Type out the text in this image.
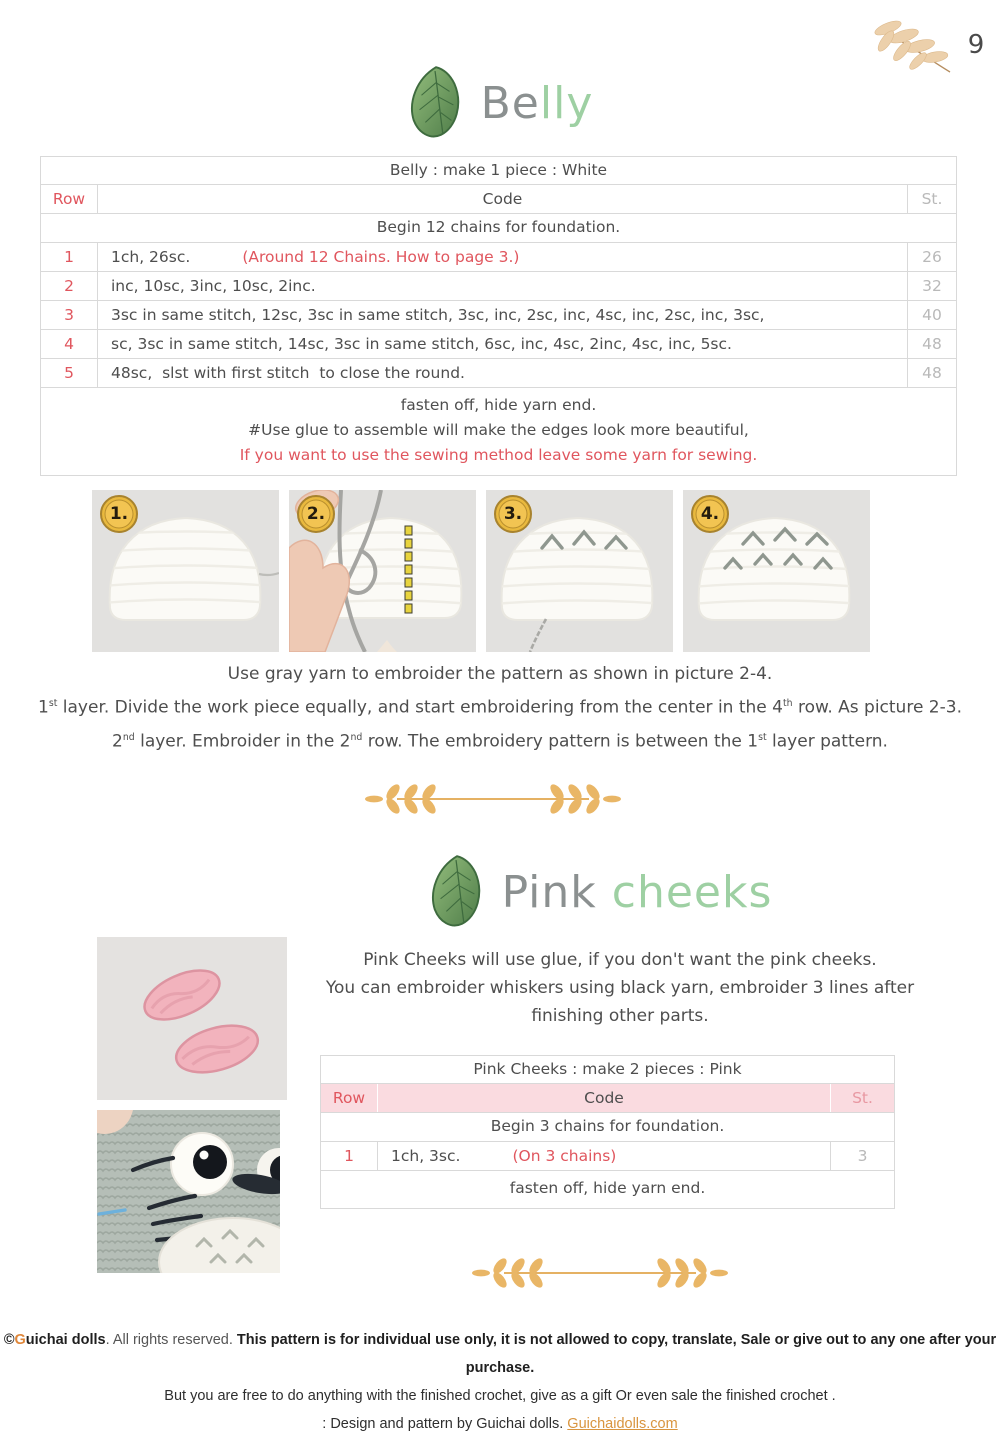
9
Belly
Belly : make 1 piece : White
Row	Code	St.
Begin 12 chains for foundation.
1	1ch, 26sc.	(Around 12 Chains. How to page 3.)	26
2	inc, 10sc, 3inc, 10sc, 2inc.	32
3	3sc in same stitch, 12sc, 3sc in same stitch, 3sc, inc, 2sc, inc, 4sc, inc, 2sc, inc, 3sc,	40
4	sc, 3sc in same stitch, 14sc, 3sc in same stitch, 6sc, inc, 4sc, 2inc, 4sc, inc, 5sc.	48
5	48sc,  slst with first stitch  to close the round.	48
fasten off, hide yarn end.
#Use glue to assemble will make the edges look more beautiful,
If you want to use the sewing method leave some yarn for sewing.
1.	2.	3.	4.
Use gray yarn to embroider the pattern as shown in picture 2-4.
1st layer. Divide the work piece equally, and start embroidering from the center in the 4th row. As picture 2-3.
2nd layer. Embroider in the 2nd row. The embroidery pattern is between the 1st layer pattern.
Pink cheeks
Pink Cheeks will use glue, if you don't want the pink cheeks.
You can embroider whiskers using black yarn, embroider 3 lines after
finishing other parts.
Pink Cheeks : make 2 pieces : Pink
Row	Code	St.
Begin 3 chains for foundation.
1	1ch, 3sc.	(On 3 chains)	3
fasten off, hide yarn end.
©Guichai dolls. All rights reserved. This pattern is for individual use only, it is not allowed to copy, translate, Sale or give out to any one after your purchase.
But you are free to do anything with the finished crochet, give as a gift Or even sale the finished crochet .
: Design and pattern by Guichai dolls. Guichaidolls.com
